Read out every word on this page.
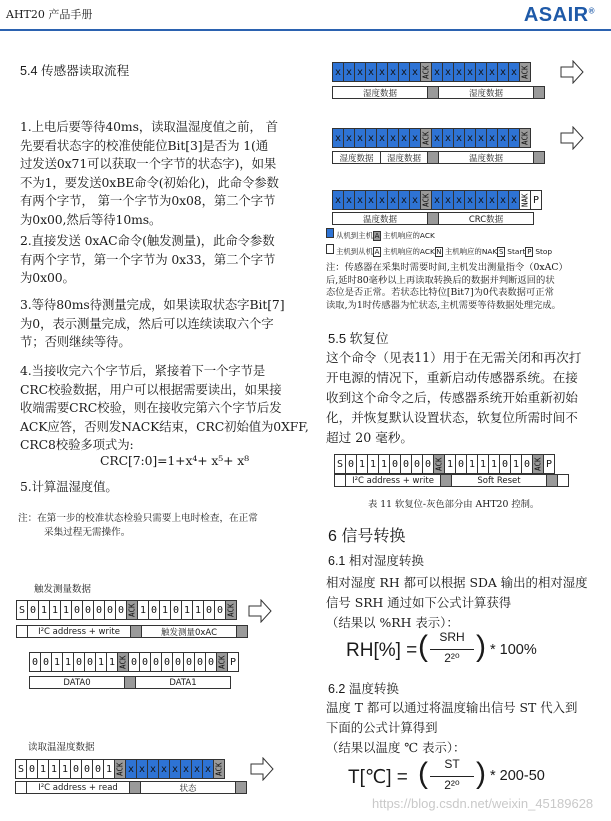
AHT20 产品手册	ASAIR®
5.4 传感器读取流程
1.上电后要等待40ms，读取温湿度值之前， 首
先要看状态字的校准使能位Bit[3]是否为 1(通
过发送0x71可以获取一个字节的状态字)，如果
不为1，要发送0xBE命令(初始化)，此命令参数
有两个字节， 第一个字节为0x08，第二个字节
为0x00,然后等待10ms。
2.直接发送 0xAC命令(触发测量)，此命令参数
有两个字节，第一个字节为 0x33，第二个字节
为0x00。
3.等待80ms待测量完成，如果读取状态字Bit[7]
为0，表示测量完成，然后可以连续读取六个字
节；否则继续等待。
4.当接收完六个字节后，紧接着下一个字节是
CRC校验数据，用户可以根据需要读出，如果接
收端需要CRC校验，则在接收完第六个字节后发
ACK应答，否则发NACK结束，CRC初始值为0XFF,
CRC8校验多项式为:
CRC[7:0]=1+x⁴+ x⁵+ x⁸
5.计算温湿度值。
注：在第一步的校准状态检验只需要上电时检查，在正常
采集过程无需操作。
触发测量数据
S 0 1 1 1 0 0 0 0 0 ACK 1 0 1 0 1 1 0 0 ACK
I²C address + write	触发测量0xAC
0 0 1 1 0 0 1 1 ACK 0 0 0 0 0 0 0 0 ACK P
DATA0	DATA1
读取温湿度数据
S 0 1 1 1 0 0 0 1 ACK x x x x x x x x ACK
I²C address + read	状态
x x x x x x x x ACK x x x x x x x x ACK
湿度数据	湿度数据
x x x x x x x x ACK x x x x x x x x ACK
湿度数据	湿度数据	温度数据
x x x x x x x x ACK x x x x x x x x NAK P
温度数据	CRC数据
从机到主机 A 主机响应的ACK
主机到从机 A 主机响应的ACKN 主机响应的NAK S Start P Stop
注：传感器在采集时需要时间,主机发出测量指令（0xAC）
后,延时80毫秒以上再读取转换后的数据并判断返回的状
态位是否正常。若状态比特位[Bit7]为0代表数据可正常
读取,为1时传感器为忙状态,主机需要等待数据处理完成。
5.5 软复位
这个命令（见表11）用于在无需关闭和再次打
开电源的情况下，重新启动传感器系统。在接
收到这个命令之后，传感器系统开始重新初始
化，并恢复默认设置状态，软复位所需时间不
超过 20 毫秒。
S 0 1 1 1 0 0 0 0 ACK 1 0 1 1 1 0 1 0 ACK P
I²C address + write	Soft Reset
表 11 软复位-灰色部分由 AHT20 控制。
6 信号转换
6.1 相对湿度转换
相对湿度 RH 都可以根据 SDA 输出的相对湿度
信号 SRH 通过如下公式计算获得
（结果以 %RH 表示）：
RH[%] =
SRH
2²⁰
( ) * 100%
6.2 温度转换
温度 T 都可以通过将温度输出信号 ST 代入到
下面的公式计算得到
（结果以温度 ℃ 表示）：
T[℃] =
ST
2²⁰
( ) * 200-50
https://blog.csdn.net/weixin_45189628
